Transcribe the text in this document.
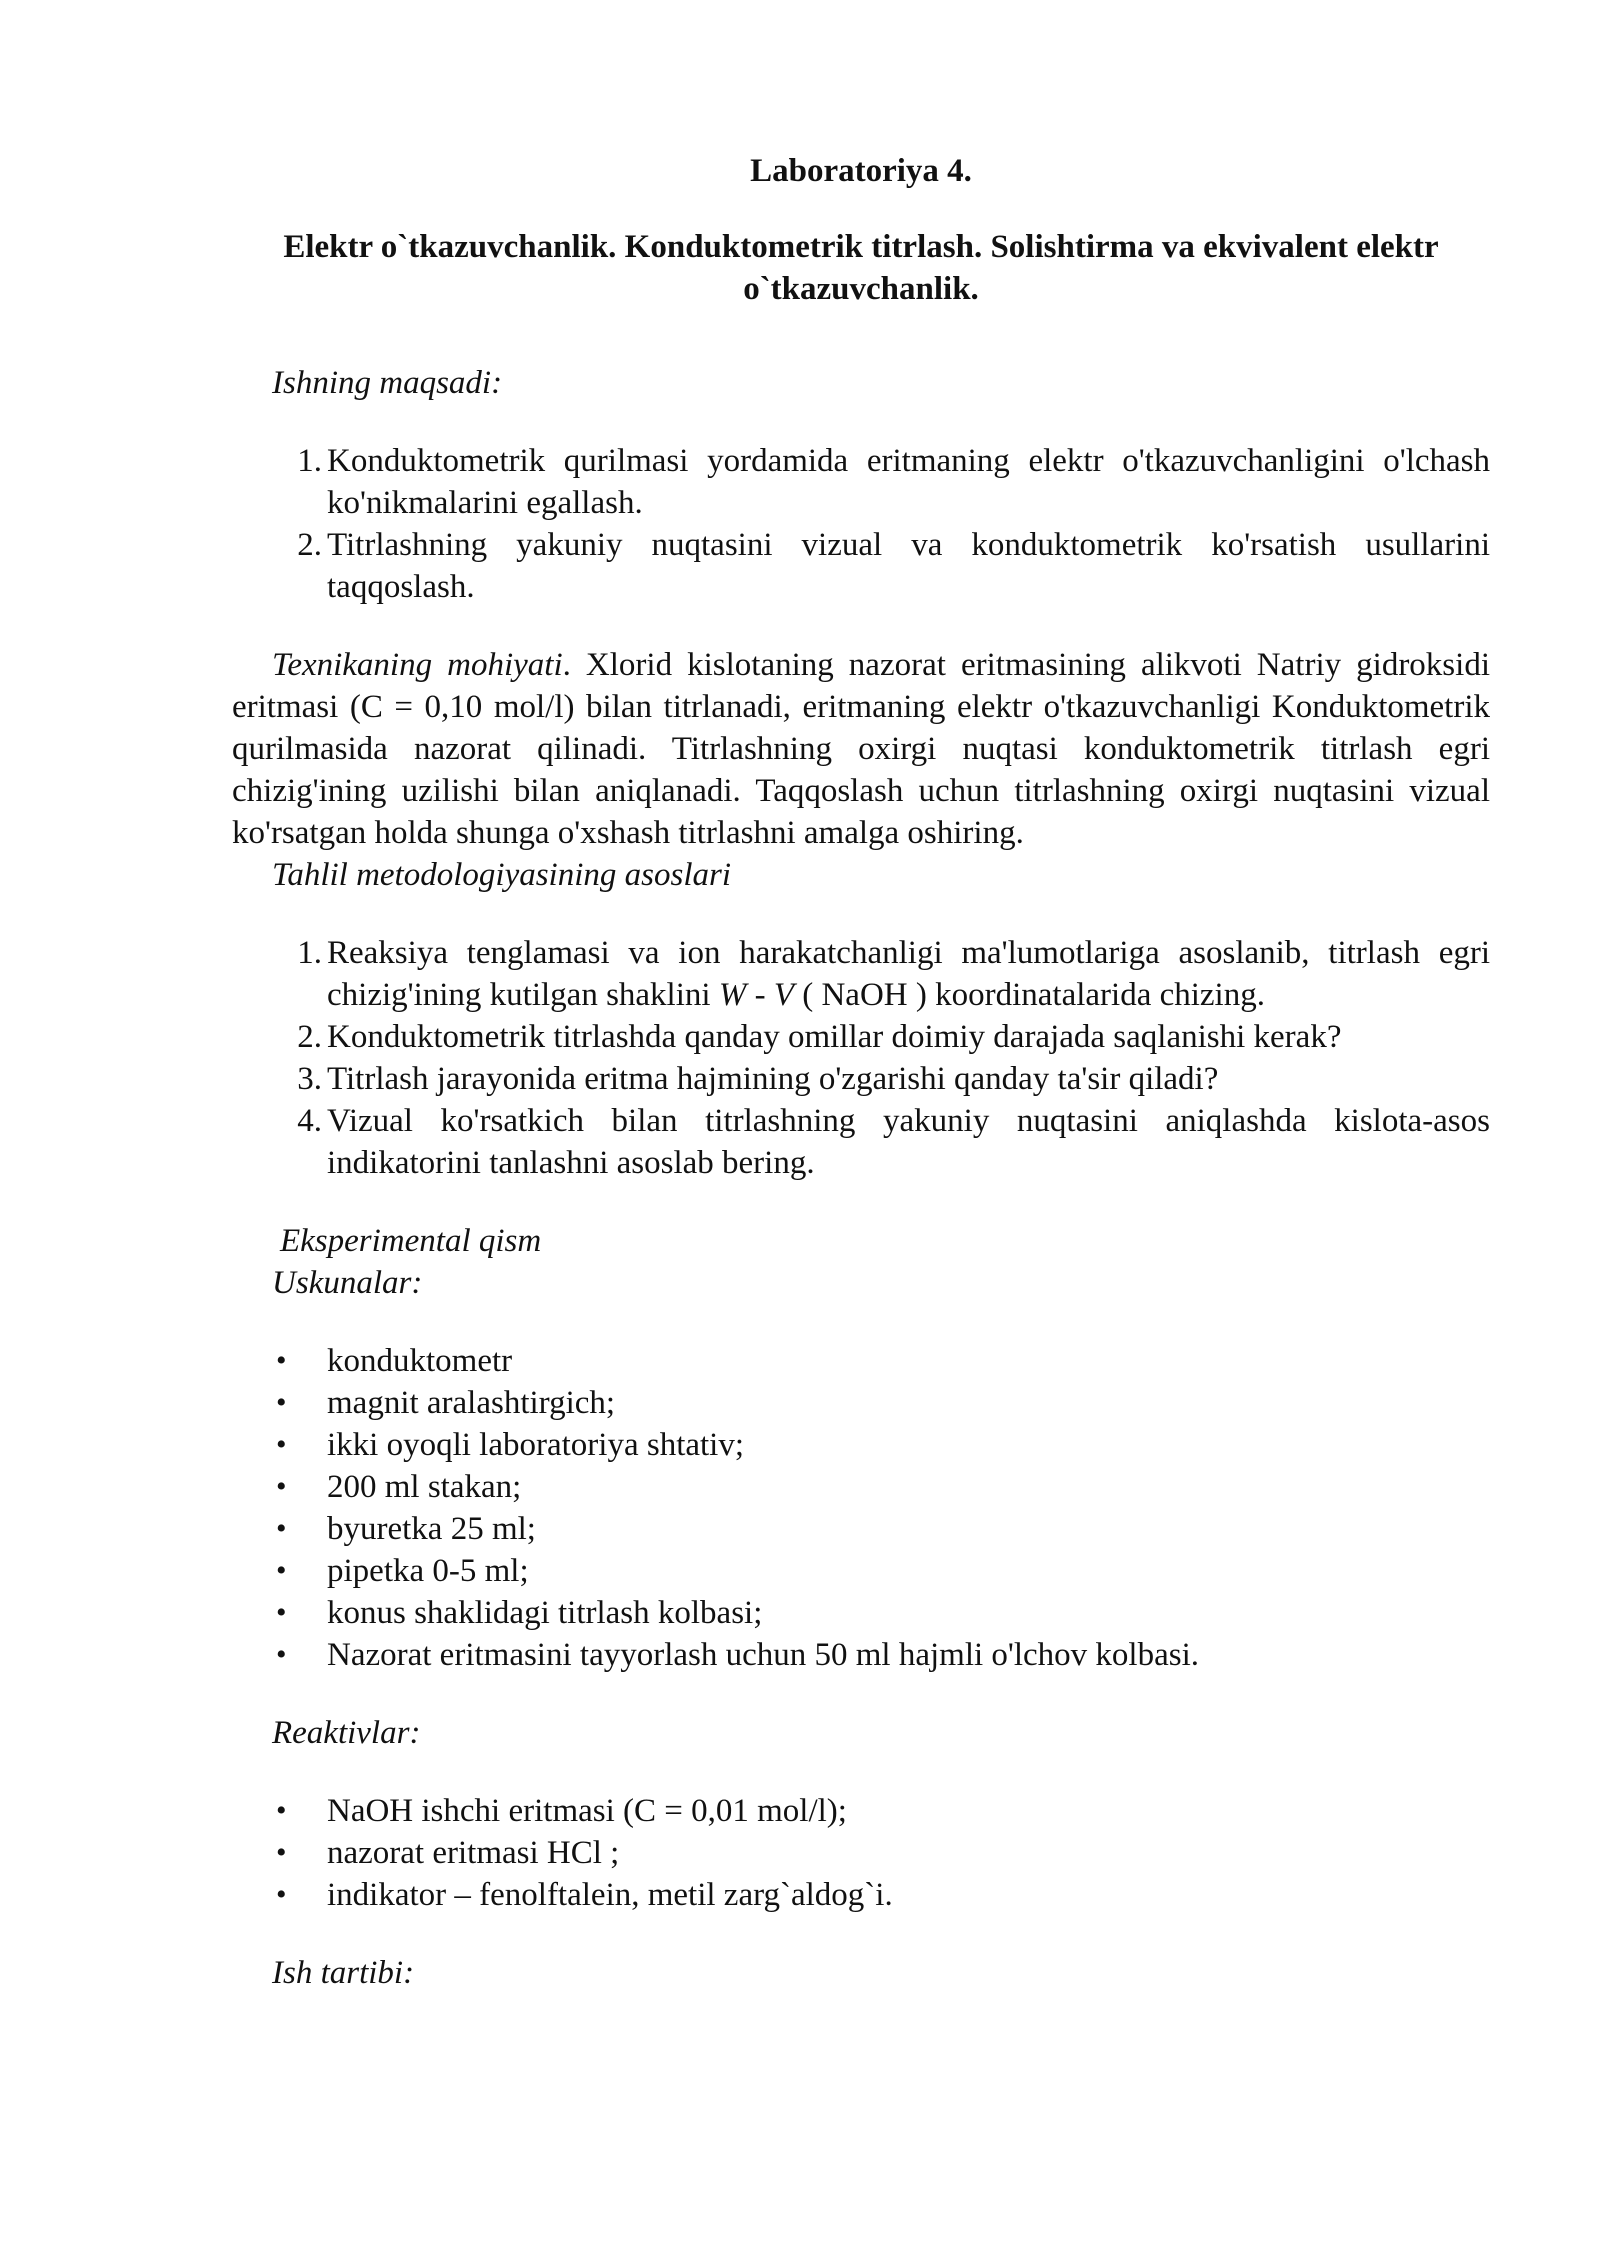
Laboratoriya 4.
Elektr o`tkazuvchanlik. Konduktometrik titrlash. Solishtirma va ekvivalent elektr o`tkazuvchanlik.
Ishning maqsadi:
1. Konduktometrik qurilmasi yordamida eritmaning elektr o'tkazuvchanligini o'lchash ko'nikmalarini egallash.
2. Titrlashning yakuniy nuqtasini vizual va konduktometrik ko'rsatish usullarini taqqoslash.

Texnikaning mohiyati. Xlorid kislotaning nazorat eritmasining alikvoti Natriy gidroksidi eritmasi (C = 0,10 mol/l) bilan titrlanadi, eritmaning elektr o'tkazuvchanligi Konduktometrik qurilmasida nazorat qilinadi. Titrlashning oxirgi nuqtasi konduktometrik titrlash egri chizig'ining uzilishi bilan aniqlanadi. Taqqoslash uchun titrlashning oxirgi nuqtasini vizual ko'rsatgan holda shunga o'xshash titrlashni amalga oshiring.

Tahlil metodologiyasining asoslari
1. Reaksiya tenglamasi va ion harakatchanligi ma'lumotlariga asoslanib, titrlash egri chizig'ining kutilgan shaklini W - V ( NaOH ) koordinatalarida chizing.
2. Konduktometrik titrlashda qanday omillar doimiy darajada saqlanishi kerak?
3. Titrlash jarayonida eritma hajmining o'zgarishi qanday ta'sir qiladi?
4. Vizual ko'rsatkich bilan titrlashning yakuniy nuqtasini aniqlashda kislota-asos indikatorini tanlashni asoslab bering.
Eksperimental qism
Uskunalar:
• konduktometr
• magnit aralashtirgich;
• ikki oyoqli laboratoriya shtativ;
• 200 ml stakan;
• byuretka 25 ml;
• pipetka 0-5 ml;
• konus shaklidagi titrlash kolbasi;
• Nazorat eritmasini tayyorlash uchun 50 ml hajmli o'lchov kolbasi.
Reaktivlar:
• NaOH ishchi eritmasi (C = 0,01 mol/l);
• nazorat eritmasi HCl ;
• indikator – fenolftalein, metil zarg`aldog`i.
Ish tartibi:
